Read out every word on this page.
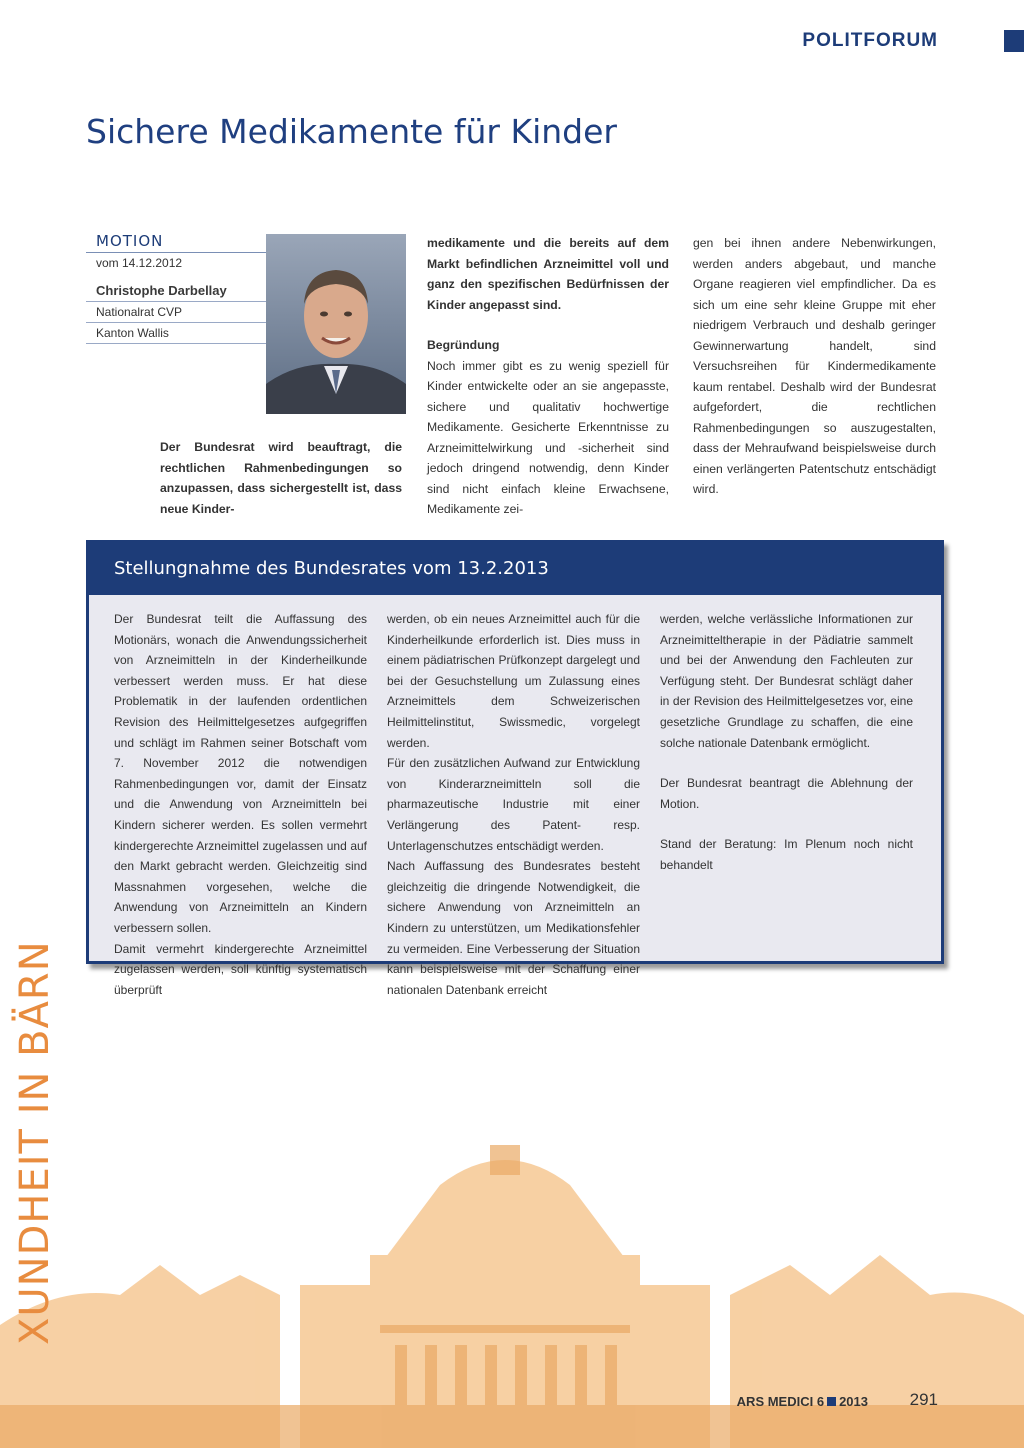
POLITFORUM
Sichere Medikamente für Kinder
MOTION
vom 14.12.2012
Christophe Darbellay
Nationalrat CVP
Kanton Wallis
Der Bundesrat wird beauftragt, die rechtlichen Rahmenbedingungen so anzupassen, dass sichergestellt ist, dass neue Kinder-
medikamente und die bereits auf dem Markt befindlichen Arzneimittel voll und ganz den spezifischen Bedürfnissen der Kinder angepasst sind.
Begründung
Noch immer gibt es zu wenig speziell für Kinder entwickelte oder an sie angepasste, sichere und qualitativ hochwertige Medikamente. Gesicherte Erkenntnisse zu Arzneimittelwirkung und -sicherheit sind jedoch dringend notwendig, denn Kinder sind nicht einfach kleine Erwachsene, Medikamente zei-
gen bei ihnen andere Nebenwirkungen, werden anders abgebaut, und manche Organe reagieren viel empfindlicher. Da es sich um eine sehr kleine Gruppe mit eher niedrigem Verbrauch und deshalb geringer Gewinnerwartung handelt, sind Versuchsreihen für Kindermedikamente kaum rentabel. Deshalb wird der Bundesrat aufgefordert, die rechtlichen Rahmenbedingungen so auszugestalten, dass der Mehraufwand beispielsweise durch einen verlängerten Patentschutz entschädigt wird.
Stellungnahme des Bundesrates vom 13.2.2013
Der Bundesrat teilt die Auffassung des Motionärs, wonach die Anwendungssicherheit von Arzneimitteln in der Kinderheilkunde verbessert werden muss. Er hat diese Problematik in der laufenden ordentlichen Revision des Heilmittelgesetzes aufgegriffen und schlägt im Rahmen seiner Botschaft vom 7. November 2012 die notwendigen Rahmenbedingungen vor, damit der Einsatz und die Anwendung von Arzneimitteln bei Kindern sicherer werden. Es sollen vermehrt kindergerechte Arzneimittel zugelassen und auf den Markt gebracht werden. Gleichzeitig sind Massnahmen vorgesehen, welche die Anwendung von Arzneimitteln an Kindern verbessern sollen.
Damit vermehrt kindergerechte Arzneimittel zugelassen werden, soll künftig systematisch überprüft
werden, ob ein neues Arzneimittel auch für die Kinderheilkunde erforderlich ist. Dies muss in einem pädiatrischen Prüfkonzept dargelegt und bei der Gesuchstellung um Zulassung eines Arzneimittels dem Schweizerischen Heilmittelinstitut, Swissmedic, vorgelegt werden.
Für den zusätzlichen Aufwand zur Entwicklung von Kinderarzneimitteln soll die pharmazeutische Industrie mit einer Verlängerung des Patent- resp. Unterlagenschutzes entschädigt werden.
Nach Auffassung des Bundesrates besteht gleichzeitig die dringende Notwendigkeit, die sichere Anwendung von Arzneimitteln an Kindern zu unterstützen, um Medikationsfehler zu vermeiden. Eine Verbesserung der Situation kann beispielsweise mit der Schaffung einer nationalen Datenbank erreicht
werden, welche verlässliche Informationen zur Arzneimitteltherapie in der Pädiatrie sammelt und bei der Anwendung den Fachleuten zur Verfügung steht. Der Bundesrat schlägt daher in der Revision des Heilmittelgesetzes vor, eine gesetzliche Grundlage zu schaffen, die eine solche nationale Datenbank ermöglicht.
Der Bundesrat beantragt die Ablehnung der Motion.
Stand der Beratung: Im Plenum noch nicht behandelt
XUNDHEIT IN BÄRN
ARS MEDICI 6 2013 291
